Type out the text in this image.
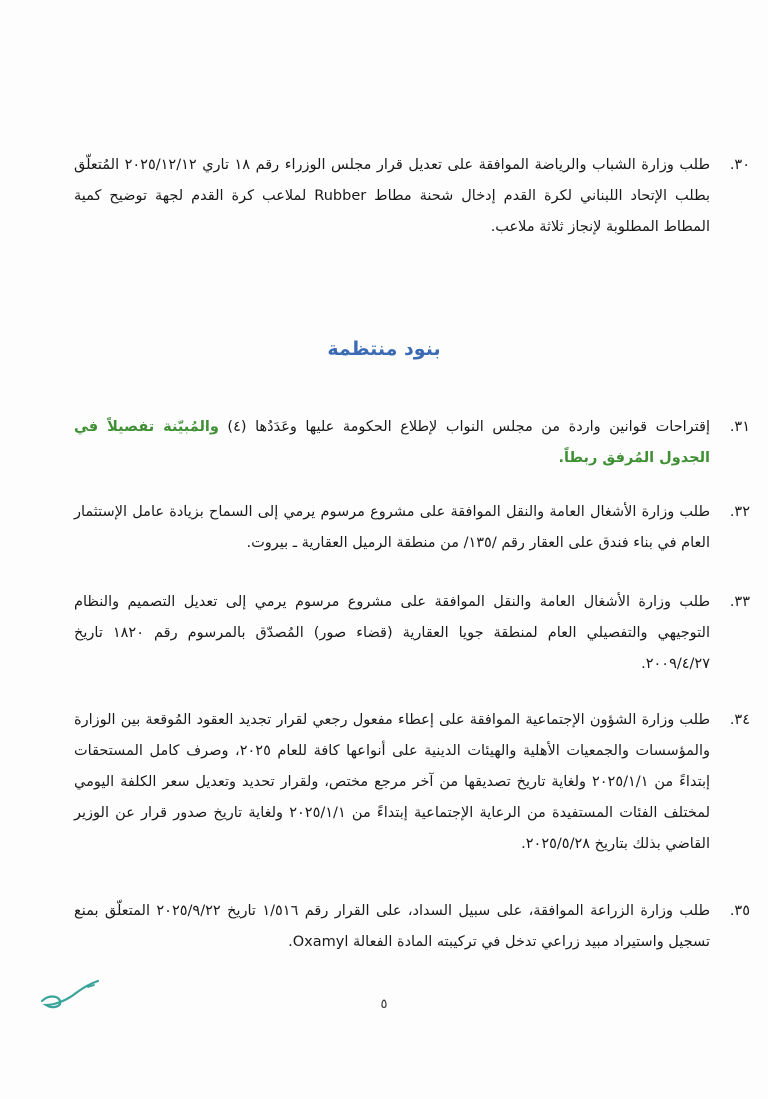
٣٠.
طلب وزارة الشباب والرياضة الموافقة على تعديل قرار مجلس الوزراء رقم ١٨ تاري ٢٠٢٥/١٢/١٢ المُتعلّق بطلب الإتحاد اللبناني لكرة القدم إدخال شحنة مطاط Rubber لملاعب كرة القدم لجهة توضيح كمية المطاط المطلوبة لإنجاز ثلاثة ملاعب.
بنود منتظمة
٣١.
إقتراحات قوانين واردة من مجلس النواب لإطلاع الحكومة عليها وعَدَدُها (٤) والمُبيّنة تفصيلاً في الجدول المُرفق ربطاً.
٣٢.
طلب وزارة الأشغال العامة والنقل الموافقة على مشروع مرسوم يرمي إلى السماح بزيادة عامل الإستثمار العام في بناء فندق على العقار رقم /١٣٥/ من منطقة الرميل العقارية ـ بيروت.
٣٣.
طلب وزارة الأشغال العامة والنقل الموافقة على مشروع مرسوم يرمي إلى تعديل التصميم والنظام التوجيهي والتفصيلي العام لمنطقة جويا العقارية (قضاء صور) المُصدّق بالمرسوم رقم ١٨٢٠ تاريخ ٢٠٠٩/٤/٢٧.
٣٤.
طلب وزارة الشؤون الإجتماعية الموافقة على إعطاء مفعول رجعي لقرار تجديد العقود المُوقعة بين الوزارة والمؤسسات والجمعيات الأهلية والهيئات الدينية على أنواعها كافة للعام ٢٠٢٥، وصرف كامل المستحقات إبتداءً من ٢٠٢٥/١/١ ولغاية تاريخ تصديقها من آخر مرجع مختص، ولقرار تحديد وتعديل سعر الكلفة اليومي لمختلف الفئات المستفيدة من الرعاية الإجتماعية إبتداءً من ٢٠٢٥/١/١ ولغاية تاريخ صدور قرار عن الوزير القاضي بذلك بتاريخ ٢٠٢٥/٥/٢٨.
٣٥.
طلب وزارة الزراعة الموافقة، على سبيل السداد، على القرار رقم ١/٥١٦ تاريخ ٢٠٢٥/٩/٢٢ المتعلّق بمنع تسجيل واستيراد مبيد زراعي تدخل في تركيبته المادة الفعالة Oxamyl.
٥
